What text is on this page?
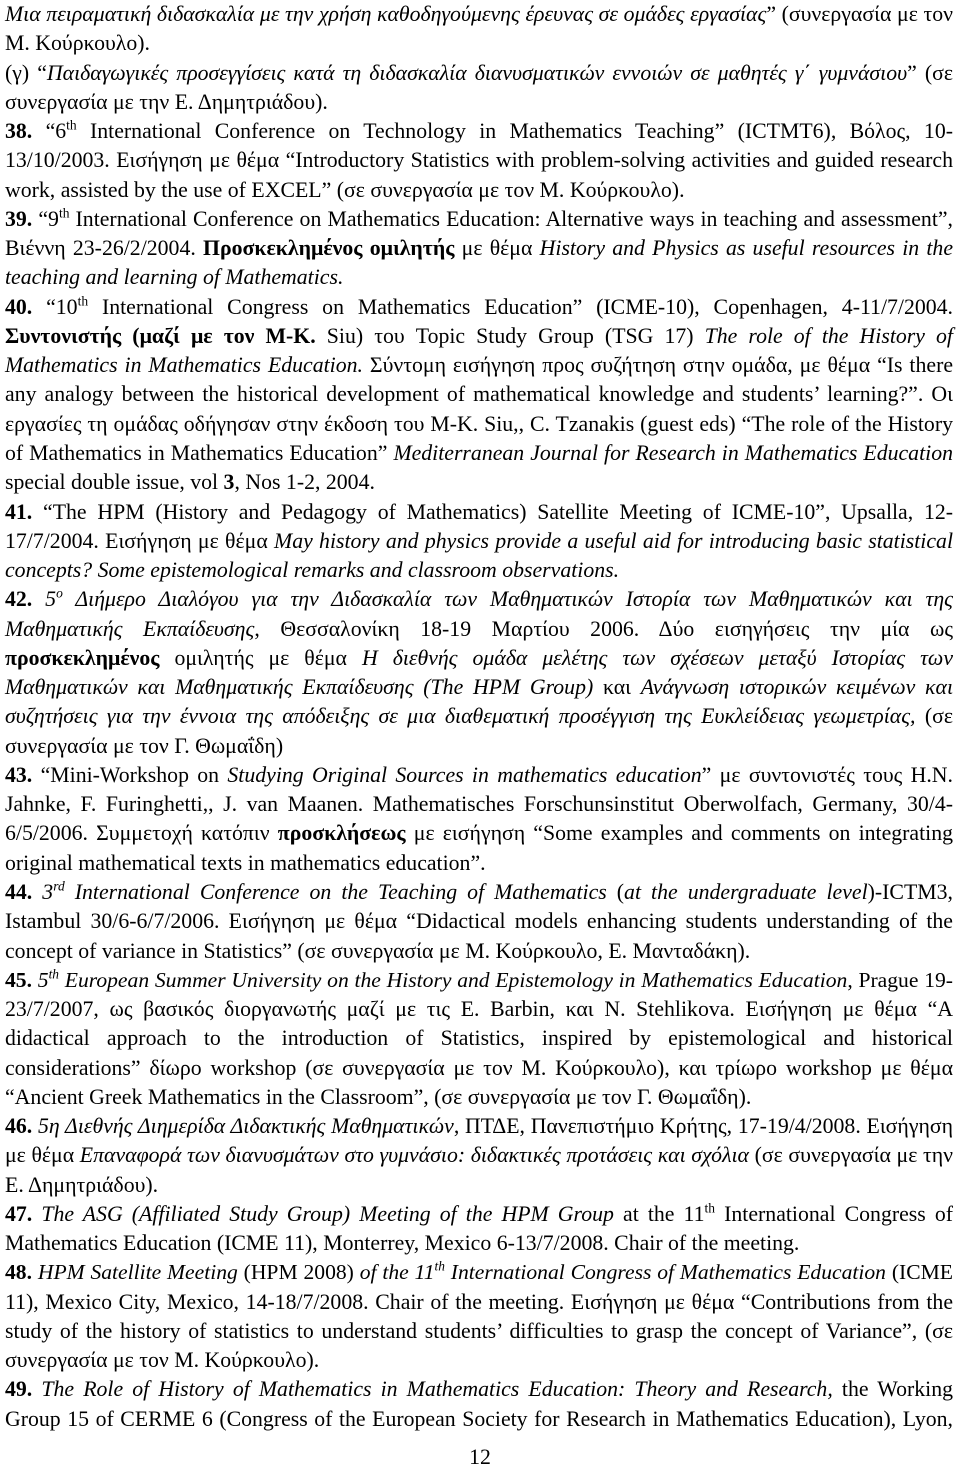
Μια πειραματική διδασκαλία με την χρήση καθοδηγούμενης έρευνας σε ομάδες εργασίας” (συνεργασία με τον
Μ. Κούρκουλο).
(γ) “Παιδαγωγικές προσεγγίσεις κατά τη διδασκαλία διανυσματικών εννοιών σε μαθητές γ΄ γυμνάσιου” (σε
συνεργασία με την Ε. Δημητριάδου).
38. “6th International Conference on Technology in Mathematics Teaching” (ICTMT6), Βόλος, 10-
13/10/2003. Εισήγηση με θέμα “Introductory Statistics with problem-solving activities and guided research
work, assisted by the use of EXCEL” (σε συνεργασία με τον Μ. Κούρκουλο).
39. “9th International Conference on Mathematics Education: Alternative ways in teaching and assessment”,
Βιέννη 23-26/2/2004. Προσκεκλημένος ομιλητής με θέμα History and Physics as useful resources in the
teaching and learning of Mathematics.
40. “10th International Congress on Mathematics Education” (ICME-10), Copenhagen, 4-11/7/2004.
Συντονιστής (μαζί με τον M-K. Siu) του Topic Study Group (TSG 17) The role of the History of
Mathematics in Mathematics Education. Σύντομη εισήγηση προς συζήτηση στην ομάδα, με θέμα “Is there
any analogy between the historical development of mathematical knowledge and students’ learning?”. Οι
εργασίες τη ομάδας οδήγησαν στην έκδοση του M-K. Siu,, C. Tzanakis (guest eds) “The role of the History
of Mathematics in Mathematics Education” Mediterranean Journal for Research in Mathematics Education
special double issue, vol 3, Nos 1-2, 2004.
41. “The HPM (History and Pedagogy of Mathematics) Satellite Meeting of ICME-10”, Upsalla, 12-
17/7/2004. Εισήγηση με θέμα May history and physics provide a useful aid for introducing basic statistical
concepts? Some epistemological remarks and classroom observations.
42. $5^o$ Διήμερο Διαλόγου για την Διδασκαλία των Μαθηματικών Ιστορία των Μαθηματικών και της
Μαθηματικής Εκπαίδευσης, Θεσσαλονίκη 18-19 Μαρτίου 2006. Δύο εισηγήσεις την μία ως
προσκεκλημένος ομιλητής με θέμα Η διεθνής ομάδα μελέτης των σχέσεων μεταξύ Ιστορίας των
Μαθηματικών και Μαθηματικής Εκπαίδευσης (The HPM Group) και Ανάγνωση ιστορικών κειμένων και
συζητήσεις για την έννοια της απόδειξης σε μια διαθεματική προσέγγιση της Ευκλείδειας γεωμετρίας, (σε
συνεργασία με τον Γ. Θωμαΐδη)
43. “Mini-Workshop on Studying Original Sources in mathematics education” με συντονιστές τους H.N.
Jahnke, F. Furinghetti,, J. van Maanen. Mathematisches Forschunsinstitut Oberwolfach, Germany, 30/4-
6/5/2006. Συμμετοχή κατόπιν προσκλήσεως με εισήγηση “Some examples and comments on integrating
original mathematical texts in mathematics education”.
44. 3rd International Conference on the Teaching of Mathematics (at the undergraduate level)-ICTM3,
Istambul 30/6-6/7/2006. Εισήγηση με θέμα “Didactical models enhancing students understanding of the
concept of variance in Statistics” (σε συνεργασία με Μ. Κούρκουλο, Ε. Μανταδάκη).
45. 5th European Summer University on the History and Epistemology in Mathematics Education, Prague 19-
23/7/2007, ως βασικός διοργανωτής μαζί με τις E. Barbin, και N. Stehlikova. Εισήγηση με θέμα “A
didactical approach to the introduction of Statistics, inspired by epistemological and historical
considerations” δίωρο workshop (σε συνεργασία με τον Μ. Κούρκουλο), και τρίωρο workshop με θέμα
“Ancient Greek Mathematics in the Classroom”, (σε συνεργασία με τον Γ. Θωμαΐδη).
46. 5η Διεθνής Διημερίδα Διδακτικής Μαθηματικών, ΠΤΔΕ, Πανεπιστήμιο Κρήτης, 17-19/4/2008. Εισήγηση
με θέμα Επαναφορά των διανυσμάτων στο γυμνάσιο: διδακτικές προτάσεις και σχόλια (σε συνεργασία με την
Ε. Δημητριάδου).
47. The ASG (Affiliated Study Group) Meeting of the HPM Group at the 11th International Congress of
Mathematics Education (ICME 11), Monterrey, Mexico 6-13/7/2008. Chair of the meeting.
48. HPM Satellite Meeting (HPM 2008) of the 11th International Congress of Mathematics Education (ICME
11), Mexico City, Mexico, 14-18/7/2008. Chair of the meeting. Εισήγηση με θέμα “Contributions from the
study of the history of statistics to understand students’ difficulties to grasp the concept of Variance”, (σε
συνεργασία με τον Μ. Κούρκουλο).
49. The Role of History of Mathematics in Mathematics Education: Theory and Research, the Working
Group 15 of CERME 6 (Congress of the European Society for Research in Mathematics Education), Lyon,
12
